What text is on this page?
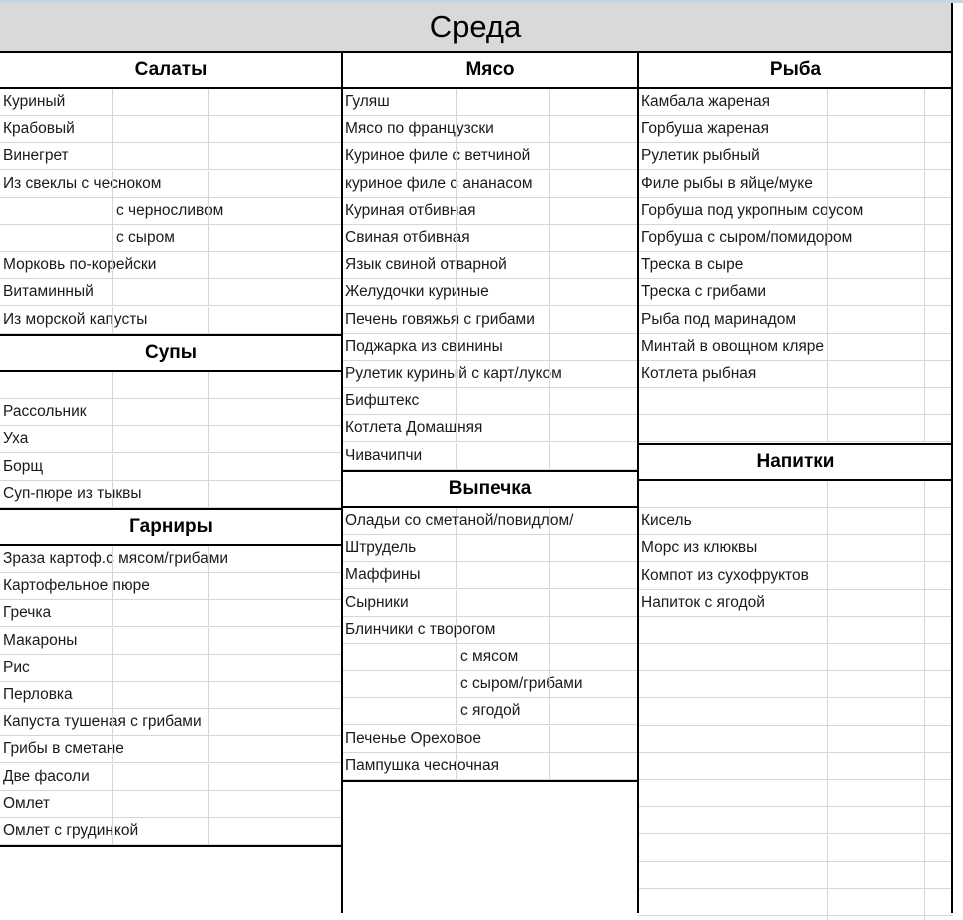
Среда
Салаты
Куриный
Крабовый
Винегрет
Из свеклы с чесноком
с черносливом
с сыром
Морковь по-корейски
Витаминный
Из морской капусты
Супы
Рассольник
Уха
Борщ
Суп-пюре из тыквы
Гарниры
Зраза картоф.с мясом/грибами
Картофельное пюре
Гречка
Макароны
Рис
Перловка
Капуста тушеная с грибами
Грибы в сметане
Две фасоли
Омлет
Омлет с грудинкой
Мясо
Гуляш
Мясо по французски
Куриное филе с ветчиной
куриное филе с ананасом
Куриная отбивная
Свиная отбивная
Язык свиной отварной
Желудочки куриные
Печень говяжья с грибами
Поджарка из свинины
Рулетик куриный с карт/луком
Бифштекс
Котлета Домашняя
Чивачипчи
Выпечка
Оладьи со сметаной/повидлом/
Штрудель
Маффины
Сырники
Блинчики с творогом
с мясом
с сыром/грибами
с ягодой
Печенье Ореховое
Пампушка чесночная
Рыба
Камбала жареная
Горбуша жареная
Рулетик рыбный
Филе рыбы в яйце/муке
Горбуша под укропным соусом
Горбуша с сыром/помидором
Треска в сыре
Треска с грибами
Рыба под маринадом
Минтай в овощном кляре
Котлета рыбная
Напитки
Кисель
Морс из клюквы
Компот из сухофруктов
Напиток с ягодой
